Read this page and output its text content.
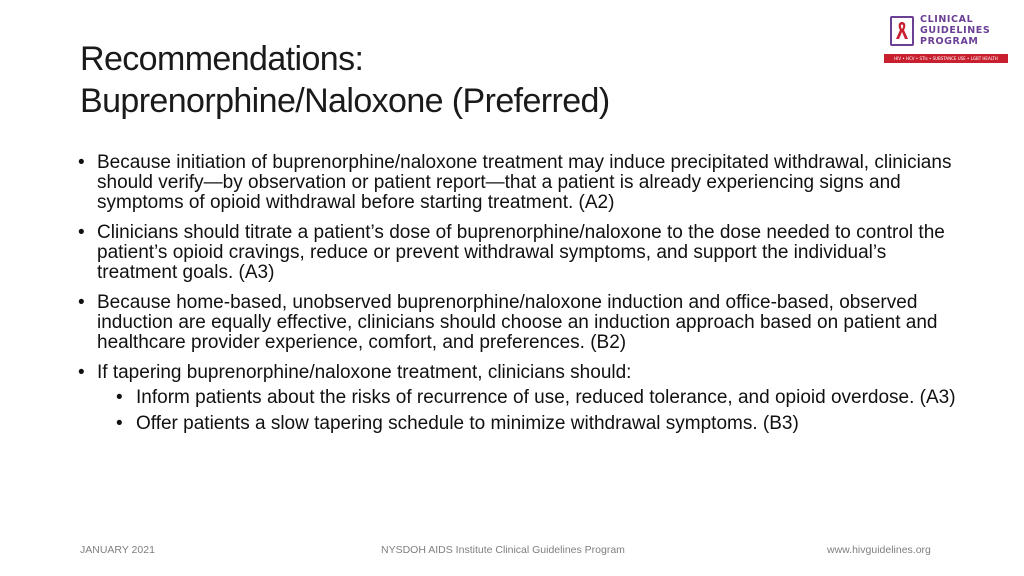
Recommendations:
Buprenorphine/Naloxone (Preferred)
CLINICAL
GUIDELINES
PROGRAM
HIV • HCV • STIs • SUBSTANCE USE • LGBT HEALTH
• Because initiation of buprenorphine/naloxone treatment may induce precipitated withdrawal, clinicians should verify—by observation or patient report—that a patient is already experiencing signs and symptoms of opioid withdrawal before starting treatment. (A2)
• Clinicians should titrate a patient’s dose of buprenorphine/naloxone to the dose needed to control the patient’s opioid cravings, reduce or prevent withdrawal symptoms, and support the individual’s treatment goals. (A3)
• Because home-based, unobserved buprenorphine/naloxone induction and office-based, observed induction are equally effective, clinicians should choose an induction approach based on patient and healthcare provider experience, comfort, and preferences. (B2)
• If tapering buprenorphine/naloxone treatment, clinicians should:
• Inform patients about the risks of recurrence of use, reduced tolerance, and opioid overdose. (A3)
• Offer patients a slow tapering schedule to minimize withdrawal symptoms. (B3)
JANUARY 2021	NYSDOH AIDS Institute Clinical Guidelines Program	www.hivguidelines.org
